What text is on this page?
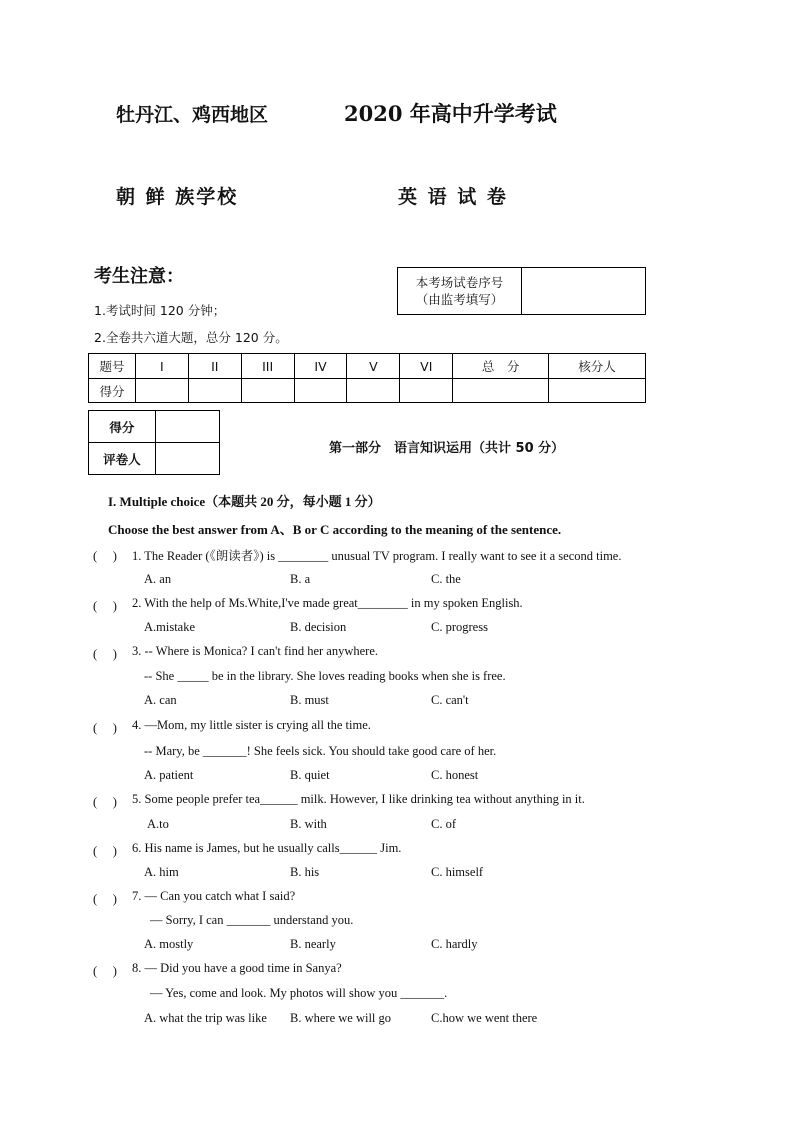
牡丹江、鸡西地区	2020 年高中升学考试
朝 鲜 族学校	英 语 试 卷
考生注意：
1.考试时间 120 分钟；
2.全卷共六道大题，总分 120 分。
本考场试卷序号
（由监考填写）
题号	I	II	III	IV	V	VI	总　分	核分人
得分								
得分	
评卷人	
第一部分　语言知识运用（共计 50 分）
I. Multiple choice（本题共 20 分，每小题 1 分）
Choose the best answer from A、B or C according to the meaning of the sentence.
(　 ) 1. The Reader (《朗读者》) is ________ unusual TV program. I really want to see it a second time.
A. an	B. a	C. the
(　 ) 2. With the help of Ms.White,I've made great________ in my spoken English.
A.mistake	B. decision	C. progress
(　 ) 3. -- Where is Monica? I can't find her anywhere.
-- She _____ be in the library. She loves reading books when she is free.
A. can	B. must	C. can't
(　 ) 4. —Mom, my little sister is crying all the time.
-- Mary, be _______! She feels sick. You should take good care of her.
A. patient	B. quiet	C. honest
(　 ) 5. Some people prefer tea______ milk. However, I like drinking tea without anything in it.
A.to	B. with	C. of
(　 ) 6. His name is James, but he usually calls______ Jim.
A. him	B. his	C. himself
(　 ) 7. — Can you catch what I said?
— Sorry, I can _______ understand you.
A. mostly	B. nearly	C. hardly
(　 ) 8. — Did you have a good time in Sanya?
— Yes, come and look. My photos will show you _______.
A. what the trip was like B. where we will go	C.how we went there
